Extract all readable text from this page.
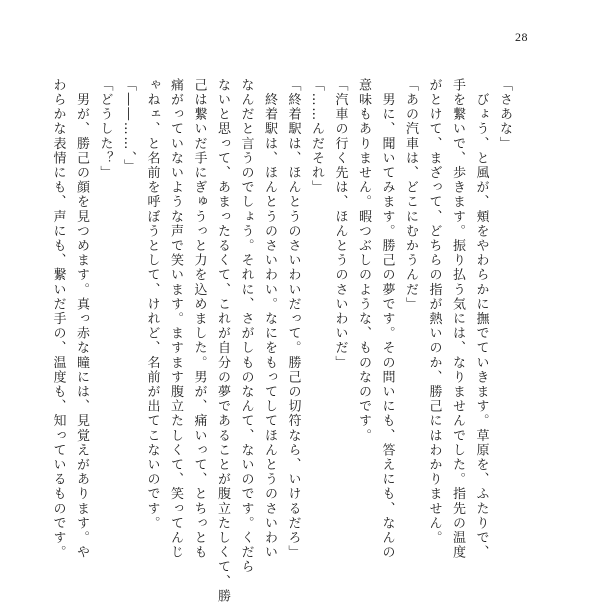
28
「さあな」
　びょう、と風が、頬をやわらかに撫でていきます。草原を、ふたりで、
手を繋いで、歩きます。振り払う気には、なりませんでした。指先の温度
がとけて、まざって、どちらの指が熱いのか、勝己にはわかりません。
「あの汽車は、どこにむかうんだ」
　男に、聞いてみます。勝己の夢です。その問いにも、答えにも、なんの
意味もありません。暇つぶしのような、ものなのです。
「汽車の行く先は、ほんとうのさいわいだ」
「……んだそれ」
「終着駅は、ほんとうのさいわいだって。勝己の切符なら、いけるだろ」
　終着駅は、ほんとうのさいわい。なにをもってしてほんとうのさいわい
なんだと言うのでしょう。それに、さがしものなんて、ないのです。くだら
ないと思って、あまったるくて、これが自分の夢であることが腹立たしくて、勝
己は繋いだ手にぎゅうっと力を込めました。男が、痛いって、とちっとも
痛がっていないような声で笑います。ますます腹立たしくて、笑ってんじ
ゃねェ、と名前を呼ぼうとして、けれど、名前が出てこないのです。
「――……、」
「どうした？」
　男が、勝己の顔を見つめます。真っ赤な瞳には、見覚えがあります。や
わらかな表情にも、声にも、繋いだ手の、温度も、知っているものです。
